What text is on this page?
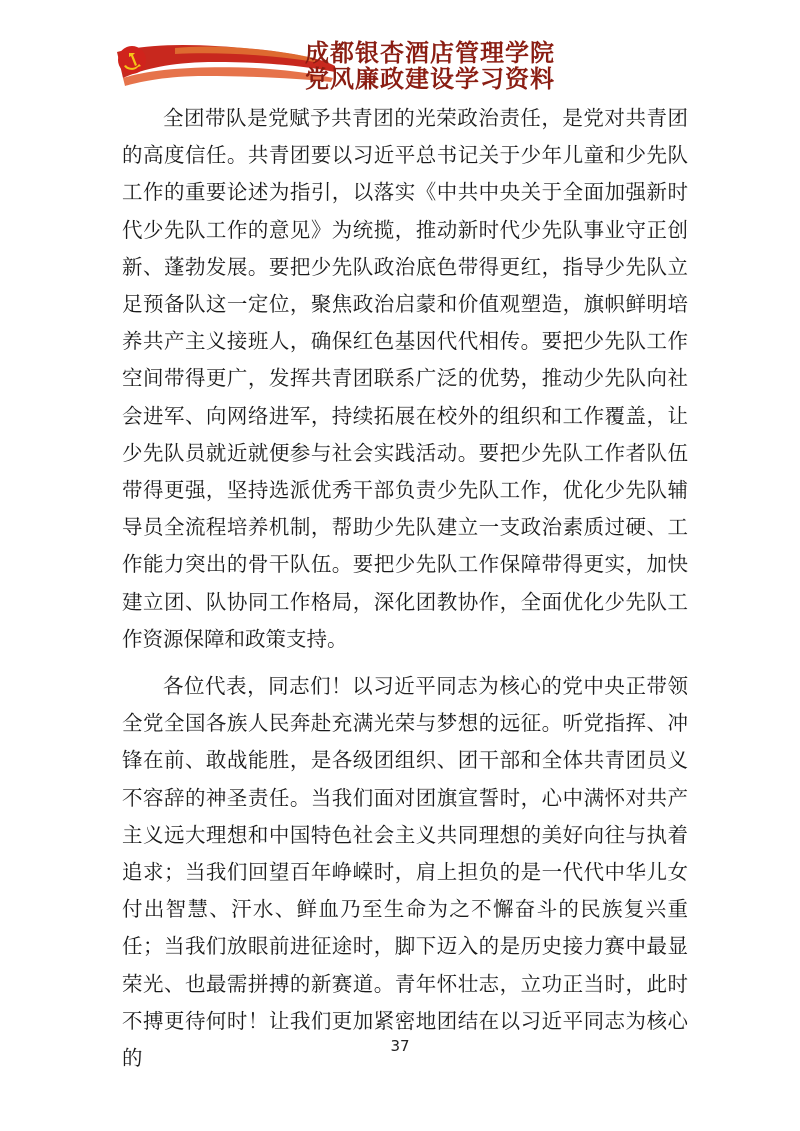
成都银杏酒店管理学院
党风廉政建设学习资料

全团带队是党赋予共青团的光荣政治责任，是党对共青团的高度信任。共青团要以习近平总书记关于少年儿童和少先队工作的重要论述为指引，以落实《中共中央关于全面加强新时代少先队工作的意见》为统揽，推动新时代少先队事业守正创新、蓬勃发展。要把少先队政治底色带得更红，指导少先队立足预备队这一定位，聚焦政治启蒙和价值观塑造，旗帜鲜明培养共产主义接班人，确保红色基因代代相传。要把少先队工作空间带得更广，发挥共青团联系广泛的优势，推动少先队向社会进军、向网络进军，持续拓展在校外的组织和工作覆盖，让少先队员就近就便参与社会实践活动。要把少先队工作者队伍带得更强，坚持选派优秀干部负责少先队工作，优化少先队辅导员全流程培养机制，帮助少先队建立一支政治素质过硬、工作能力突出的骨干队伍。要把少先队工作保障带得更实，加快建立团、队协同工作格局，深化团教协作，全面优化少先队工作资源保障和政策支持。

各位代表，同志们！以习近平同志为核心的党中央正带领全党全国各族人民奔赴充满光荣与梦想的远征。听党指挥、冲锋在前、敢战能胜，是各级团组织、团干部和全体共青团员义不容辞的神圣责任。当我们面对团旗宣誓时，心中满怀对共产主义远大理想和中国特色社会主义共同理想的美好向往与执着追求；当我们回望百年峥嵘时，肩上担负的是一代代中华儿女付出智慧、汗水、鲜血乃至生命为之不懈奋斗的民族复兴重任；当我们放眼前进征途时，脚下迈入的是历史接力赛中最显荣光、也最需拼搏的新赛道。青年怀壮志，立功正当时，此时不搏更待何时！让我们更加紧密地团结在以习近平同志为核心的

37
